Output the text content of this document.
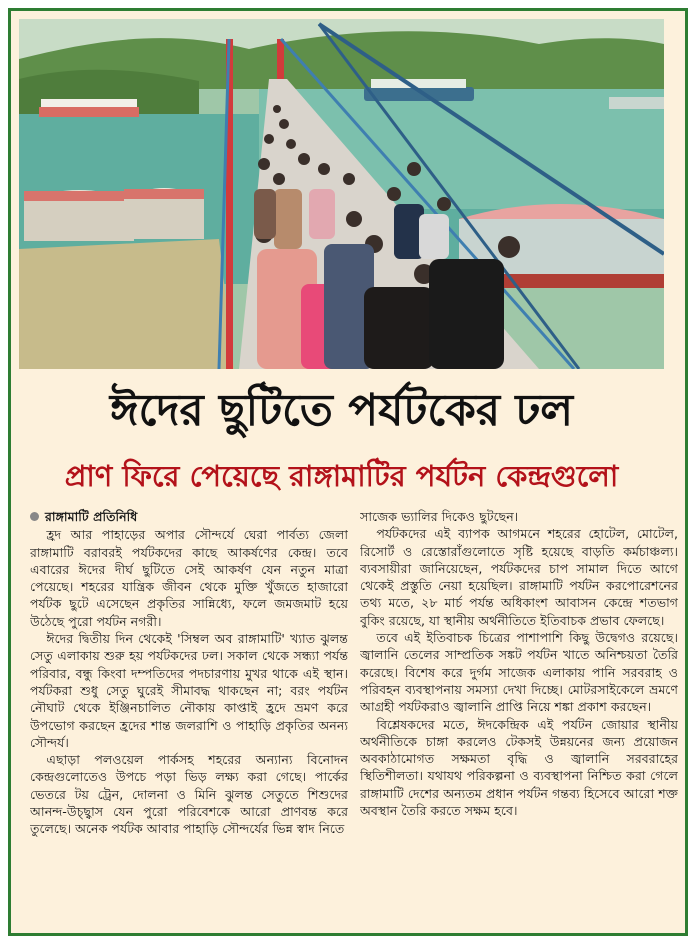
ঈদের ছুটিতে পর্যটকের ঢল
প্রাণ ফিরে পেয়েছে রাঙ্গামাটির পর্যটন কেন্দ্রগুলো
রাঙ্গামাটি প্রতিনিধি

হ্রদ আর পাহাড়ের অপার সৌন্দর্যে ঘেরা পার্বত্য জেলা রাঙ্গামাটি বরাবরই পর্যটকদের কাছে আকর্ষণের কেন্দ্র। তবে এবারের ঈদের দীর্ঘ ছুটিতে সেই আকর্ষণ যেন নতুন মাত্রা পেয়েছে। শহরের যান্ত্রিক জীবন থেকে মুক্তি খুঁজতে হাজারো পর্যটক ছুটে এসেছেন প্রকৃতির সান্নিধ্যে, ফলে জমজমাট হয়ে উঠেছে পুরো পর্যটন নগরী।

ঈদের দ্বিতীয় দিন থেকেই 'সিম্বল অব রাঙ্গামাটি' খ্যাত ঝুলন্ত সেতু এলাকায় শুরু হয় পর্যটকদের ঢল। সকাল থেকে সন্ধ্যা পর্যন্ত পরিবার, বন্ধু কিংবা দম্পতিদের পদচারণায় মুখর থাকে এই স্থান। পর্যটকরা শুধু সেতু ঘুরেই সীমাবদ্ধ থাকছেন না; বরং পর্যটন নৌঘাট থেকে ইঞ্জিনচালিত নৌকায় কাপ্তাই হ্রদে ভ্রমণ করে উপভোগ করছেন হ্রদের শান্ত জলরাশি ও পাহাড়ি প্রকৃতির অনন্য সৌন্দর্য।

এছাড়া পলওয়েল পার্কসহ শহরের অন্যান্য বিনোদন কেন্দ্রগুলোতেও উপচে পড়া ভিড় লক্ষ্য করা গেছে। পার্কের ভেতরে টয় ট্রেন, দোলনা ও মিনি ঝুলন্ত সেতুতে শিশুদের আনন্দ-উচ্ছ্বাস যেন পুরো পরিবেশকে আরো প্রাণবন্ত করে তুলেছে। অনেক পর্যটক আবার পাহাড়ি সৌন্দর্যের ভিন্ন স্বাদ নিতে

সাজেক ভ্যালির দিকেও ছুটছেন।

পর্যটকদের এই ব্যাপক আগমনে শহরের হোটেল, মোটেল, রিসোর্ট ও রেস্তোরাঁগুলোতে সৃষ্টি হয়েছে বাড়তি কর্মচাঞ্চল্য। ব্যবসায়ীরা জানিয়েছেন, পর্যটকদের চাপ সামাল দিতে আগে থেকেই প্রস্তুতি নেয়া হয়েছিল। রাঙ্গামাটি পর্যটন করপোরেশনের তথ্য মতে, ২৮ মার্চ পর্যন্ত অধিকাংশ আবাসন কেন্দ্রে শতভাগ বুকিং রয়েছে, যা স্থানীয় অর্থনীতিতে ইতিবাচক প্রভাব ফেলছে।

তবে এই ইতিবাচক চিত্রের পাশাপাশি কিছু উদ্বেগও রয়েছে। জ্বালানি তেলের সাম্প্রতিক সঙ্কট পর্যটন খাতে অনিশ্চয়তা তৈরি করেছে। বিশেষ করে দুর্গম সাজেক এলাকায় পানি সরবরাহ ও পরিবহন ব্যবস্থাপনায় সমস্যা দেখা দিচ্ছে। মোটরসাইকেলে ভ্রমণে আগ্রহী পর্যটকরাও জ্বালানি প্রাপ্তি নিয়ে শঙ্কা প্রকাশ করছেন।

বিশ্লেষকদের মতে, ঈদকেন্দ্রিক এই পর্যটন জোয়ার স্থানীয় অর্থনীতিকে চাঙ্গা করলেও টেকসই উন্নয়নের জন্য প্রয়োজন অবকাঠামোগত সক্ষমতা বৃদ্ধি ও জ্বালানি সরবরাহের স্থিতিশীলতা। যথাযথ পরিকল্পনা ও ব্যবস্থাপনা নিশ্চিত করা গেলে রাঙ্গামাটি দেশের অন্যতম প্রধান পর্যটন গন্তব্য হিসেবে আরো শক্ত অবস্থান তৈরি করতে সক্ষম হবে।
